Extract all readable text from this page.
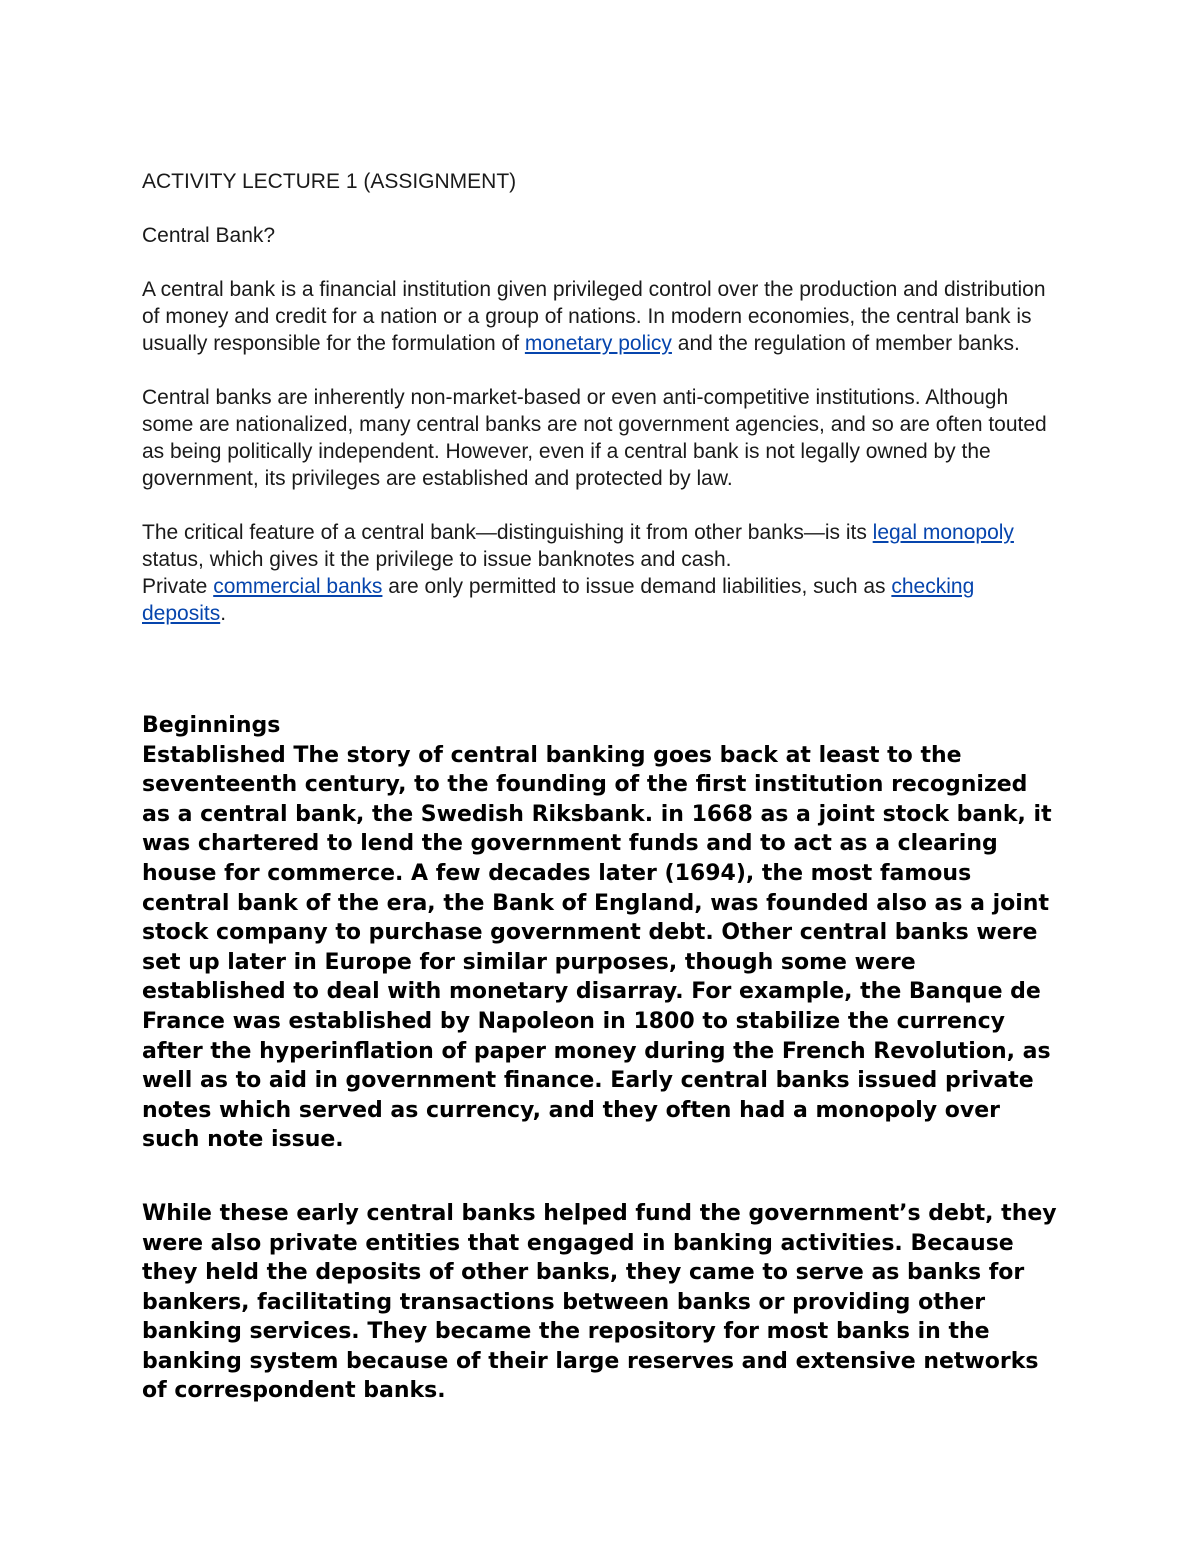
ACTIVITY LECTURE 1 (ASSIGNMENT)

Central Bank?

A central bank is a financial institution given privileged control over the production and distribution of money and credit for a nation or a group of nations. In modern economies, the central bank is usually responsible for the formulation of monetary policy and the regulation of member banks.

Central banks are inherently non-market-based or even anti-competitive institutions. Although some are nationalized, many central banks are not government agencies, and so are often touted as being politically independent. However, even if a central bank is not legally owned by the government, its privileges are established and protected by law.

The critical feature of a central bank—distinguishing it from other banks—is its legal monopoly status, which gives it the privilege to issue banknotes and cash.
Private commercial banks are only permitted to issue demand liabilities, such as checking deposits.

Beginnings

Established The story of central banking goes back at least to the seventeenth century, to the founding of the first institution recognized as a central bank, the Swedish Riksbank. in 1668 as a joint stock bank, it was chartered to lend the government funds and to act as a clearing house for commerce. A few decades later (1694), the most famous central bank of the era, the Bank of England, was founded also as a joint stock company to purchase government debt. Other central banks were set up later in Europe for similar purposes, though some were established to deal with monetary disarray. For example, the Banque de France was established by Napoleon in 1800 to stabilize the currency after the hyperinflation of paper money during the French Revolution, as well as to aid in government finance. Early central banks issued private notes which served as currency, and they often had a monopoly over such note issue.

While these early central banks helped fund the government’s debt, they were also private entities that engaged in banking activities. Because they held the deposits of other banks, they came to serve as banks for bankers, facilitating transactions between banks or providing other banking services. They became the repository for most banks in the banking system because of their large reserves and extensive networks of correspondent banks.
